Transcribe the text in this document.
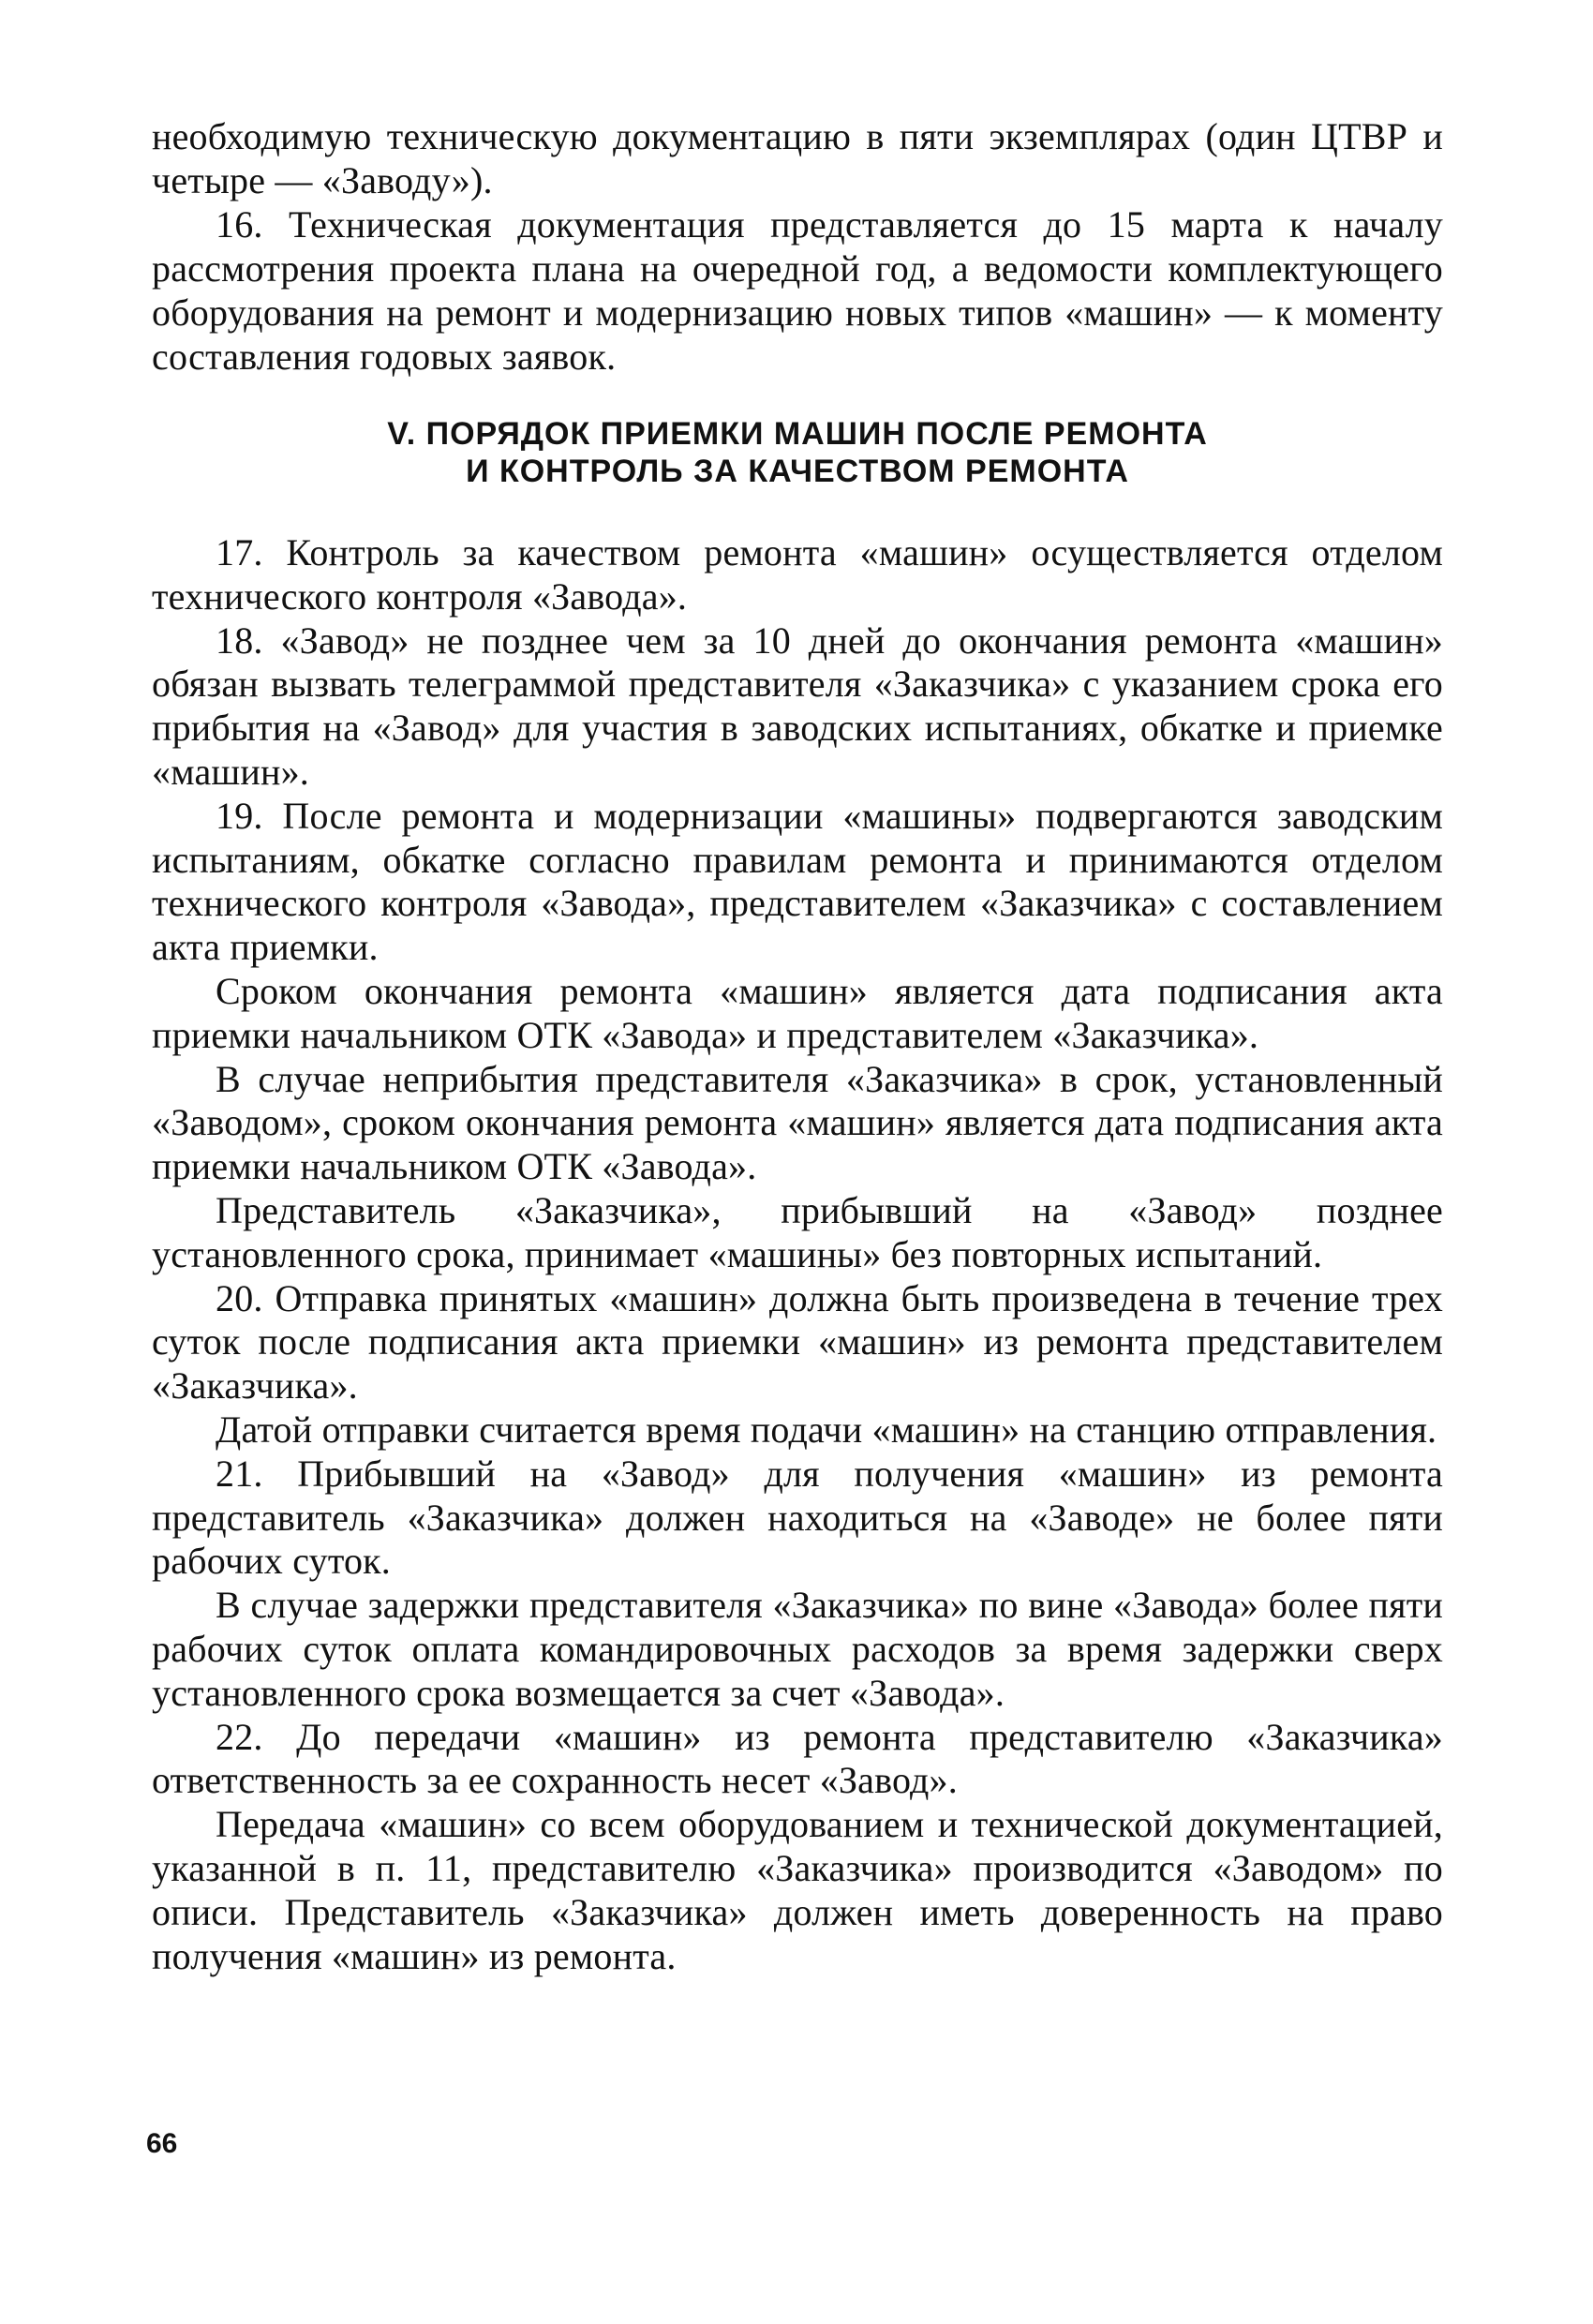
необходимую техническую документацию в пяти экземплярах (один ЦТВР и четыре — «Заводу»).

16. Техническая документация представляется до 15 марта к началу рассмотрения проекта плана на очередной год, а ведомости комплектующего оборудования на ремонт и модернизацию новых типов «машин» — к моменту составления годовых заявок.

V. ПОРЯДОК ПРИЕМКИ МАШИН ПОСЛЕ РЕМОНТА
И КОНТРОЛЬ ЗА КАЧЕСТВОМ РЕМОНТА

17. Контроль за качеством ремонта «машин» осуществляется отделом технического контроля «Завода».

18. «Завод» не позднее чем за 10 дней до окончания ремонта «машин» обязан вызвать телеграммой представителя «Заказчика» с указанием срока его прибытия на «Завод» для участия в заводских испытаниях, обкатке и приемке «машин».

19. После ремонта и модернизации «машины» подвергаются заводским испытаниям, обкатке согласно правилам ремонта и принимаются отделом технического контроля «Завода», представителем «Заказчика» с составлением акта приемки.

Сроком окончания ремонта «машин» является дата подписания акта приемки начальником ОТК «Завода» и представителем «Заказчика».

В случае неприбытия представителя «Заказчика» в срок, установленный «Заводом», сроком окончания ремонта «машин» является дата подписания акта приемки начальником ОТК «Завода».

Представитель «Заказчика», прибывший на «Завод» позднее установленного срока, принимает «машины» без повторных испытаний.

20. Отправка принятых «машин» должна быть произведена в течение трех суток после подписания акта приемки «машин» из ремонта представителем «Заказчика».

Датой отправки считается время подачи «машин» на станцию отправления.

21. Прибывший на «Завод» для получения «машин» из ремонта представитель «Заказчика» должен находиться на «Заводе» не более пяти рабочих суток.

В случае задержки представителя «Заказчика» по вине «Завода» более пяти рабочих суток оплата командировочных расходов за время задержки сверх установленного срока возмещается за счет «Завода».

22. До передачи «машин» из ремонта представителю «Заказчика» ответственность за ее сохранность несет «Завод».

Передача «машин» со всем оборудованием и технической документацией, указанной в п. 11, представителю «Заказчика» производится «Заводом» по описи. Представитель «Заказчика» должен иметь доверенность на право получения «машин» из ремонта.

66
